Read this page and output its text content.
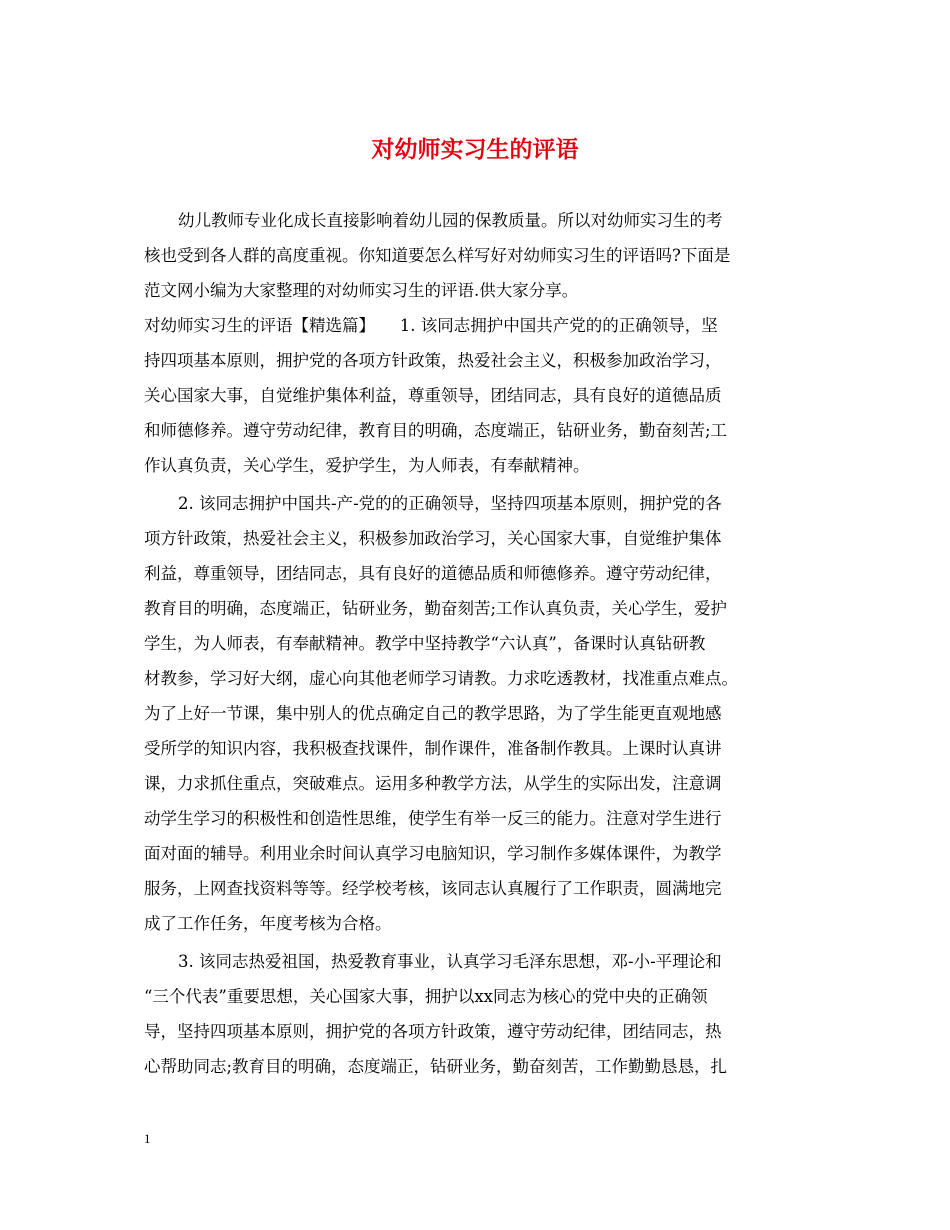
对幼师实习生的评语
幼儿教师专业化成长直接影响着幼儿园的保教质量。所以对幼师实习生的考
核也受到各人群的高度重视。你知道要怎么样写好对幼师实习生的评语吗?下面是
范文网小编为大家整理的对幼师实习生的评语.供大家分享。
对幼师实习生的评语【精选篇】　　1. 该同志拥护中国共产党的的正确领导，坚
持四项基本原则，拥护党的各项方针政策，热爱社会主义，积极参加政治学习，
关心国家大事，自觉维护集体利益，尊重领导，团结同志，具有良好的道德品质
和师德修养。遵守劳动纪律，教育目的明确，态度端正，钻研业务，勤奋刻苦;工
作认真负责，关心学生，爱护学生，为人师表，有奉献精神。
2. 该同志拥护中国共-产-党的的正确领导，坚持四项基本原则，拥护党的各
项方针政策，热爱社会主义，积极参加政治学习，关心国家大事，自觉维护集体
利益，尊重领导，团结同志，具有良好的道德品质和师德修养。遵守劳动纪律，
教育目的明确，态度端正，钻研业务，勤奋刻苦;工作认真负责，关心学生，爱护
学生，为人师表，有奉献精神。教学中坚持教学“六认真”，备课时认真钻研教
材教参，学习好大纲，虚心向其他老师学习请教。力求吃透教材，找准重点难点。
为了上好一节课，集中别人的优点确定自己的教学思路，为了学生能更直观地感
受所学的知识内容，我积极查找课件，制作课件，准备制作教具。上课时认真讲
课，力求抓住重点，突破难点。运用多种教学方法，从学生的实际出发，注意调
动学生学习的积极性和创造性思维，使学生有举一反三的能力。注意对学生进行
面对面的辅导。利用业余时间认真学习电脑知识，学习制作多媒体课件，为教学
服务，上网查找资料等等。经学校考核，该同志认真履行了工作职责，圆满地完
成了工作任务，年度考核为合格。
3. 该同志热爱祖国，热爱教育事业，认真学习毛泽东思想，邓-小-平理论和
“三个代表”重要思想，关心国家大事，拥护以xx同志为核心的党中央的正确领
导，坚持四项基本原则，拥护党的各项方针政策，遵守劳动纪律，团结同志，热
心帮助同志;教育目的明确，态度端正，钻研业务，勤奋刻苦，工作勤勤恳恳，扎
1
